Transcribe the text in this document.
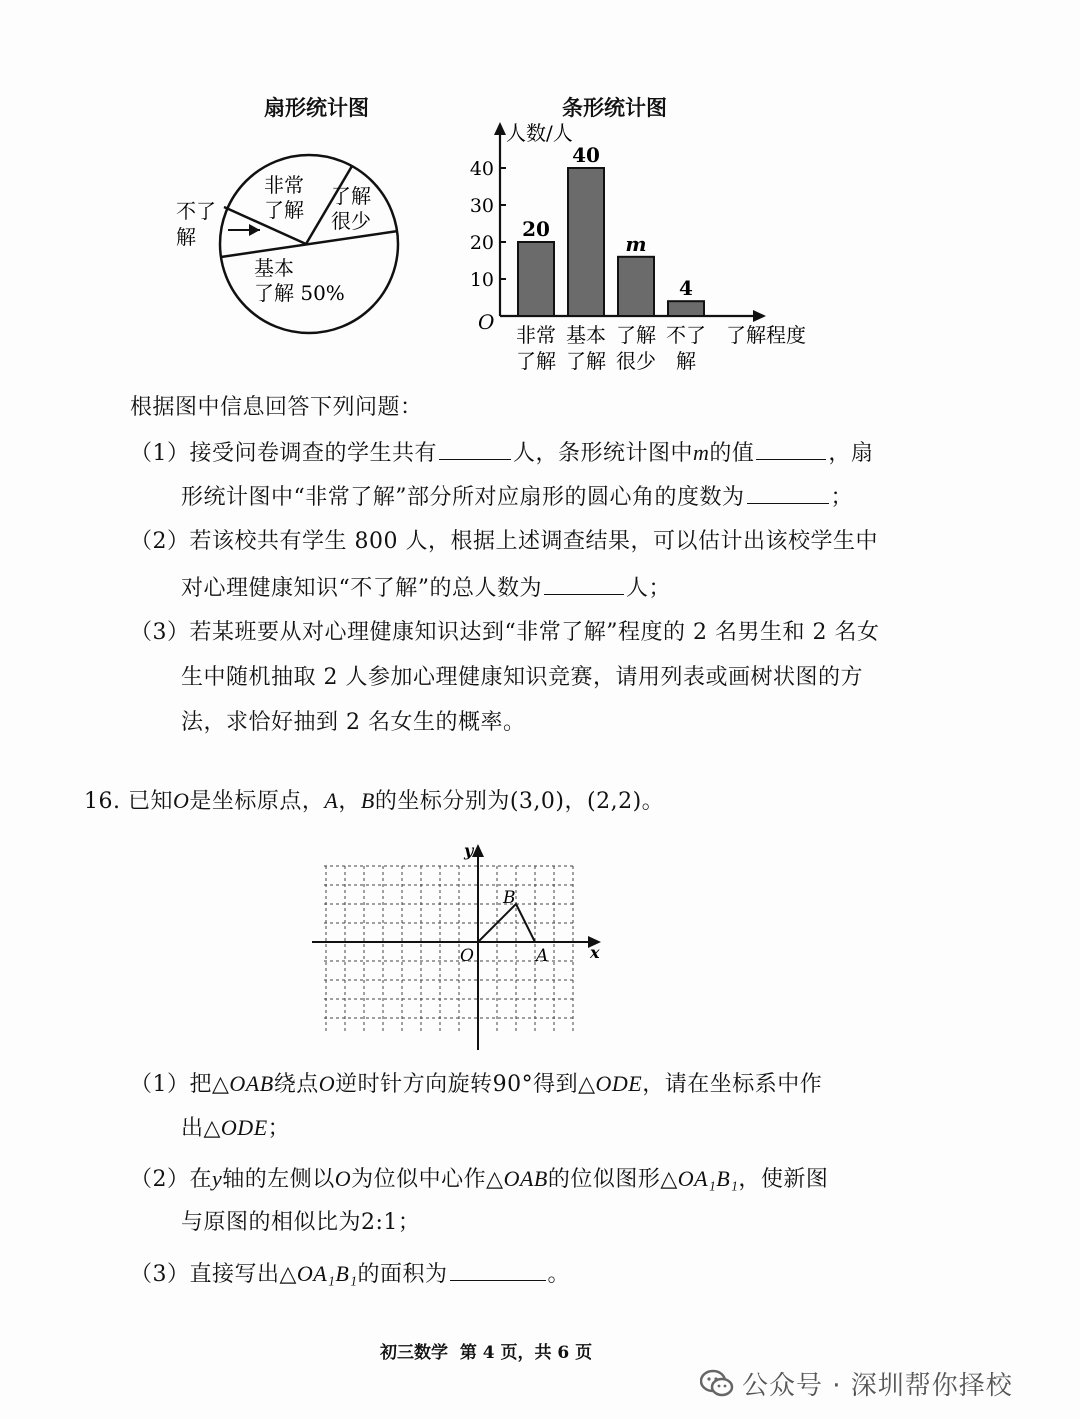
扇形统计图
非常
了解
了解
很少
基本
了解 50%
不了
解
条形统计图
人数/人
了解程度
O
10
20
30
40
20
非常
了解
40
基本
了解
m
了解
很少
4
不了
解
根据图中信息回答下列问题：
（1）接受问卷调查的学生共有	人，条形统计图中m的值	，扇
形统计图中“非常了解”部分所对应扇形的圆心角的度数为	；
（2）若该校共有学生 800 人，根据上述调查结果，可以估计出该校学生中
对心理健康知识“不了解”的总人数为	人；
（3）若某班要从对心理健康知识达到“非常了解”程度的 2 名男生和 2 名女
生中随机抽取 2 人参加心理健康知识竞赛，请用列表或画树状图的方
法，求恰好抽到 2 名女生的概率。
16. 已知O是坐标原点，A，B的坐标分别为(3,0)，(2,2)。
x
y
O	A
B
（1）把△OAB绕点O逆时针方向旋转90°得到△ODE，请在坐标系中作
出△ODE；
（2）在y轴的左侧以O为位似中心作△OAB的位似图形△OA₁B₁，使新图
与原图的相似比为2:1；
（3）直接写出△OA₁B₁的面积为	。
初三数学  第 4 页，共 6 页
公众号 · 深圳帮你择校
